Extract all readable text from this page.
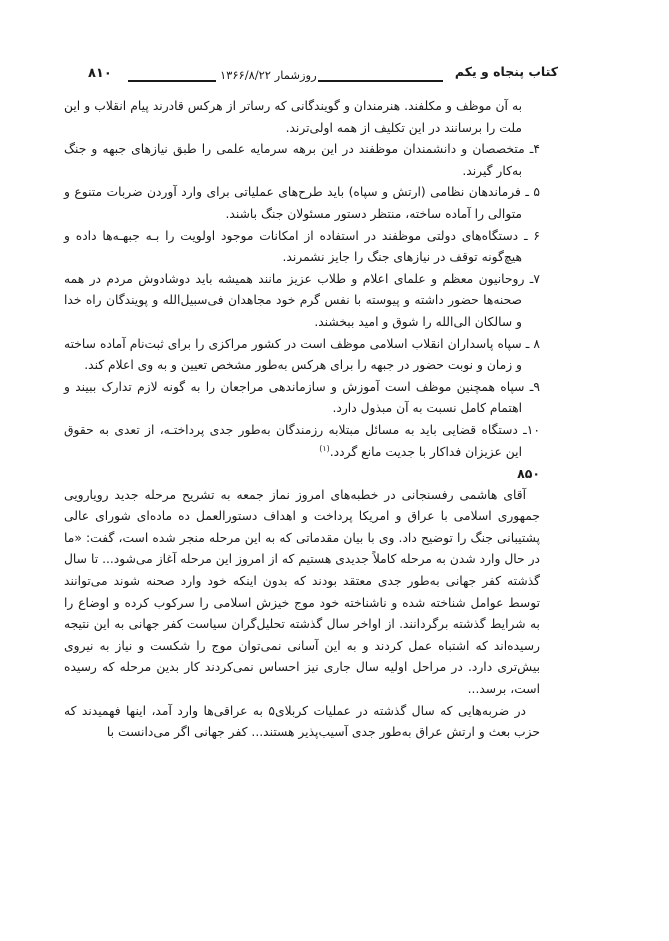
۸۱۰	روزشمار ۱۳۶۶/۸/۲۲	کتاب پنجاه و یکم

به آن موظف و مکلفند. هنرمندان و گویندگانی که رساتر از هرکس قادرند پیام انقلاب و این ملت را برسانند در این تکلیف از همه اولی‌ترند.

۴ـ متخصصان و دانشمندان موظفند در این برهه سرمایه علمی را طبق نیازهای جبهه و جنگ به‌کار گیرند.

۵ ـ فرماندهان نظامی (ارتش و سپاه) باید طرح‌های عملیاتی برای وارد آوردن ضربات متنوع و متوالی را آماده ساخته، منتظر دستور مسئولان جنگ باشند.

۶ ـ دستگاه‌های دولتی موظفند در استفاده از امکانات موجود اولویت را بـه جبهـه‌ها داده و هیچ‌گونه توقف در نیازهای جنگ را جایز نشمرند.

۷ـ روحانیون معظم و علمای اعلام و طلاب عزیز مانند همیشه باید دوشادوش مردم در همه صحنه‌ها حضور داشته و پیوسته با نفس گرم خود مجاهدان فی‌سبیل‌الله و پویندگان راه خدا و سالکان الی‌الله را شوق و امید ببخشند.

۸ ـ سپاه پاسداران انقلاب اسلامی موظف است در کشور مراکزی را برای ثبت‌نام آماده ساخته و زمان و نوبت حضور در جبهه را برای هرکس به‌طور مشخص تعیین و به وی اعلام کند.

۹ـ سپاه همچنین موظف است آموزش و سازماندهی مراجعان را به گونه لازم تدارک ببیند و اهتمام کامل نسبت به آن مبذول دارد.

۱۰ـ دستگاه قضایی باید به مسائل مبتلابه رزمندگان به‌طور جدی پرداختـه، از تعدی به حقوق این عزیزان فداکار با جدیت مانع گردد.$^{(۱)}$

۸۵۰

آقای هاشمی رفسنجانی در خطبه‌های امروز نماز جمعه به تشریح مرحله جدید رویارویی جمهوری اسلامی با عراق و امریکا پرداخت و اهداف دستورالعمل ده ماده‌ای شورای عالی پشتیبانی جنگ را توضیح داد. وی با بیان مقدماتی که به این مرحله منجر شده است، گفت: «ما در حال وارد شدن به مرحله کاملاً جدیدی هستیم که از امروز این مرحله آغاز می‌شود... تا سال گذشته کفر جهانی به‌طور جدی معتقد بودند که بدون اینکه خود وارد صحنه شوند می‌توانند توسط عوامل شناخته شده و ناشناخته خود موج خیزش اسلامی را سرکوب کرده و اوضاع را به شرایط گذشته برگردانند. از اواخر سال گذشته تحلیل‌گران سیاست کفر جهانی به این نتیجه رسیده‌اند که اشتباه عمل کردند و به این آسانی نمی‌توان موج را شکست و نیاز به نیروی بیش‌تری دارد. در مراحل اولیه سال جاری نیز احساس نمی‌کردند کار بدین مرحله که رسیده است، برسد...

در ضربه‌هایی که سال گذشته در عملیات کربلای۵ به عراقی‌ها وارد آمد، اینها فهمیدند که حزب بعث و ارتش عراق به‌طور جدی آسیب‌پذیر هستند... کفر جهانی اگر می‌دانست با
